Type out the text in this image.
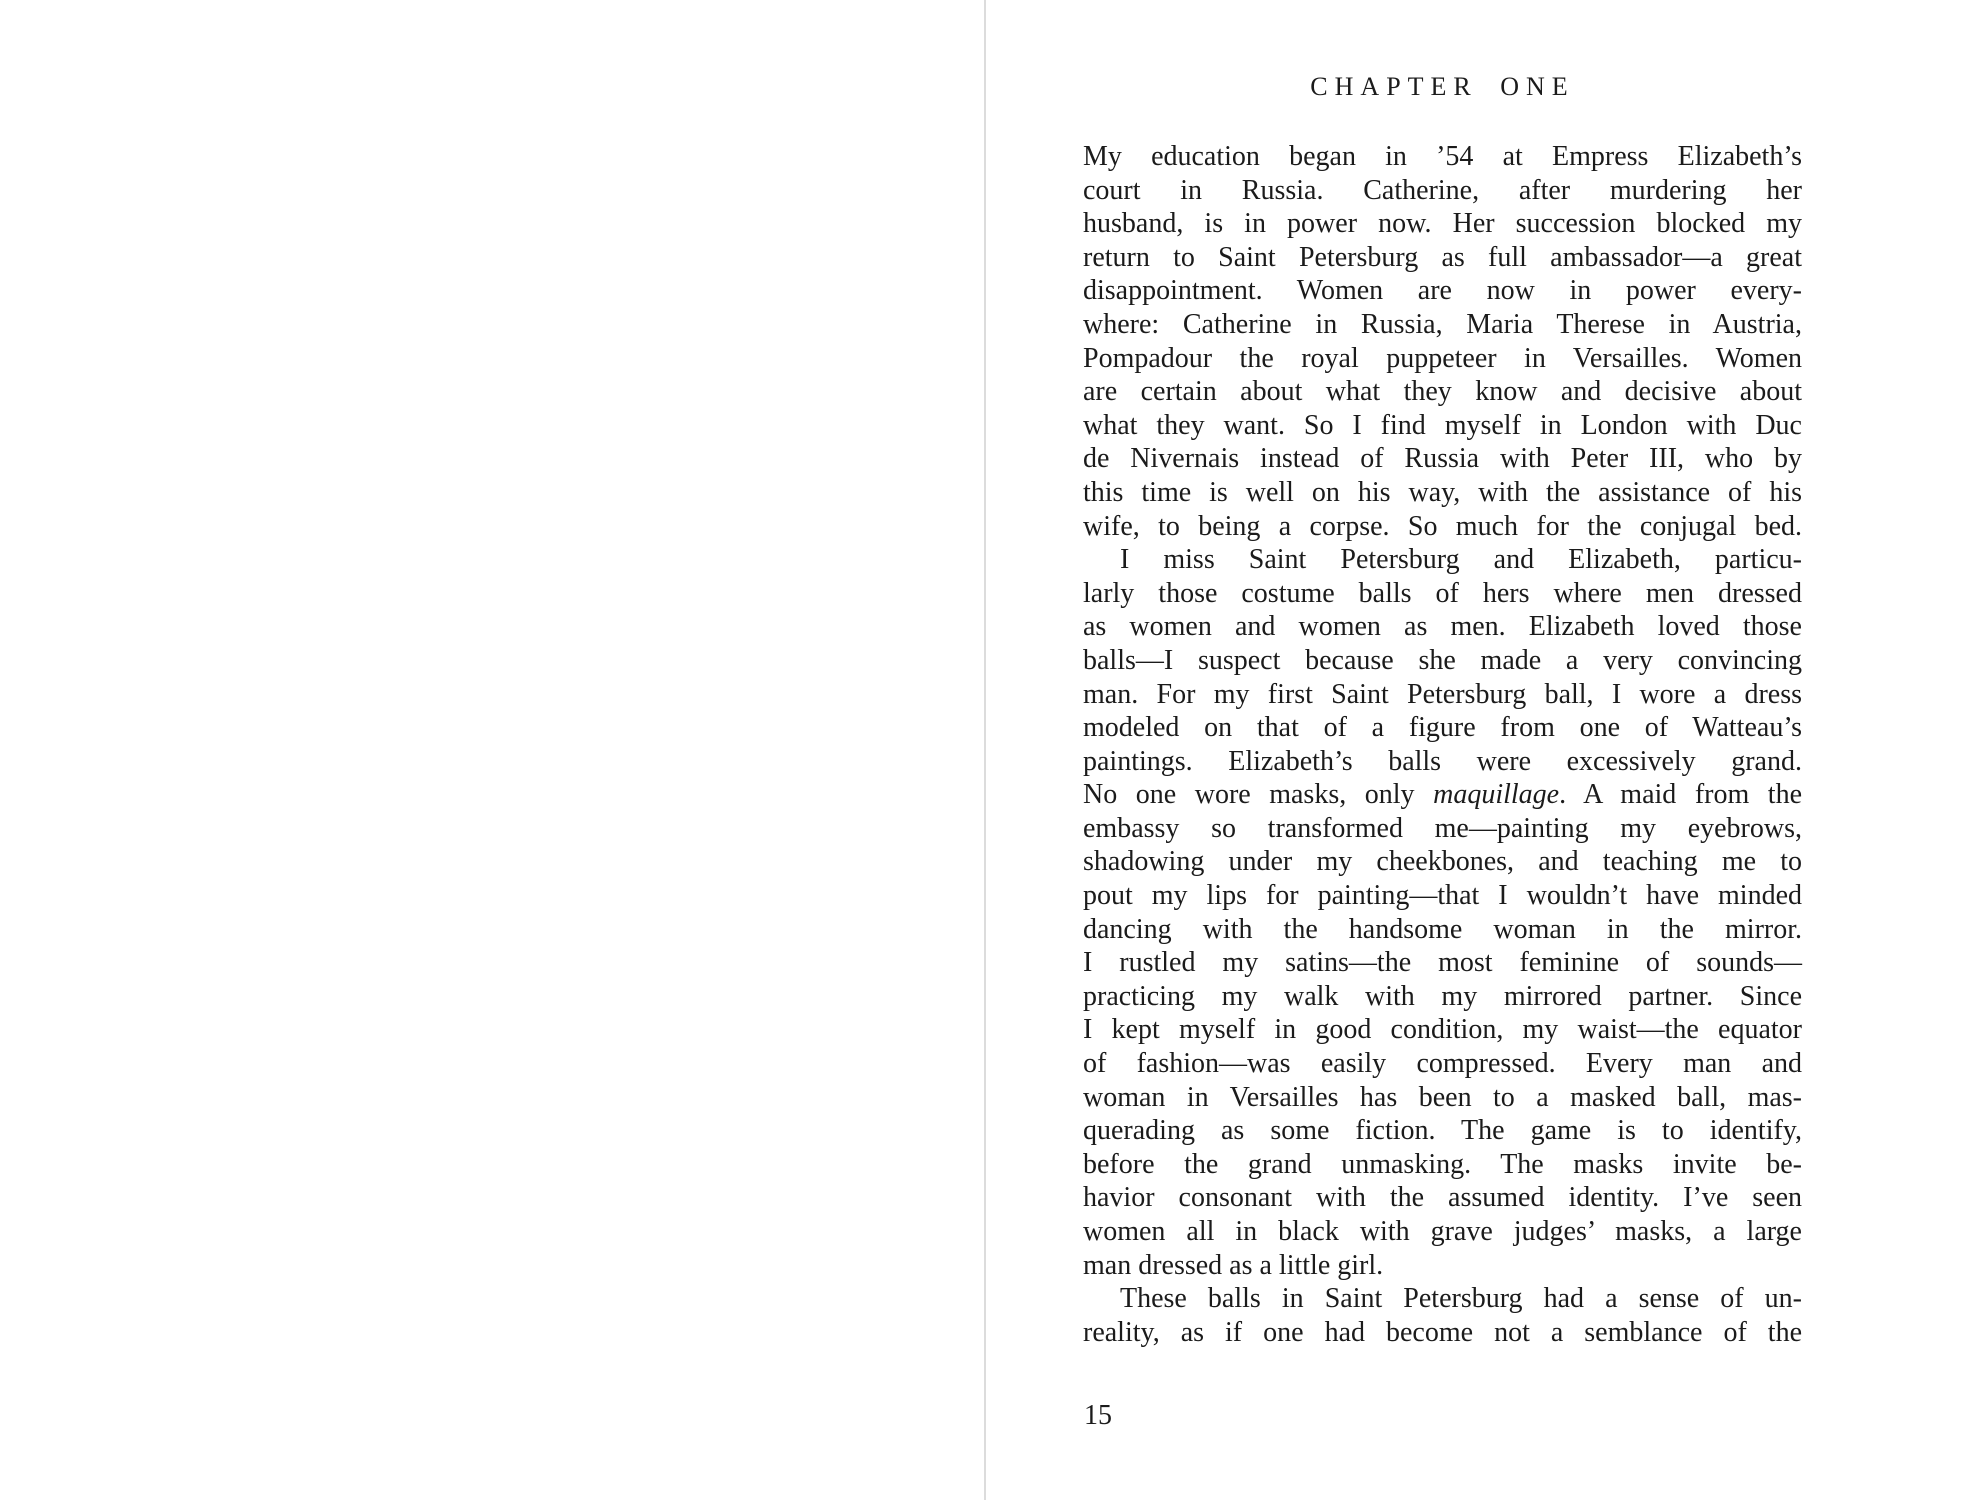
CHAPTER ONE
My education began in ’54 at Empress Elizabeth’s
court in Russia. Catherine, after murdering her
husband, is in power now. Her succession blocked my
return to Saint Petersburg as full ambassador—a great
disappointment. Women are now in power every-
where: Catherine in Russia, Maria Therese in Austria,
Pompadour the royal puppeteer in Versailles. Women
are certain about what they know and decisive about
what they want. So I find myself in London with Duc
de Nivernais instead of Russia with Peter III, who by
this time is well on his way, with the assistance of his
wife, to being a corpse. So much for the conjugal bed.
I miss Saint Petersburg and Elizabeth, particu-
larly those costume balls of hers where men dressed
as women and women as men. Elizabeth loved those
balls—I suspect because she made a very convincing
man. For my first Saint Petersburg ball, I wore a dress
modeled on that of a figure from one of Watteau’s
paintings. Elizabeth’s balls were excessively grand.
No one wore masks, only maquillage. A maid from the
embassy so transformed me—painting my eyebrows,
shadowing under my cheekbones, and teaching me to
pout my lips for painting—that I wouldn’t have minded
dancing with the handsome woman in the mirror.
I rustled my satins—the most feminine of sounds—
practicing my walk with my mirrored partner. Since
I kept myself in good condition, my waist—the equator
of fashion—was easily compressed. Every man and
woman in Versailles has been to a masked ball, mas-
querading as some fiction. The game is to identify,
before the grand unmasking. The masks invite be-
havior consonant with the assumed identity. I’ve seen
women all in black with grave judges’ masks, a large
man dressed as a little girl.
These balls in Saint Petersburg had a sense of un-
reality, as if one had become not a semblance of the
15
